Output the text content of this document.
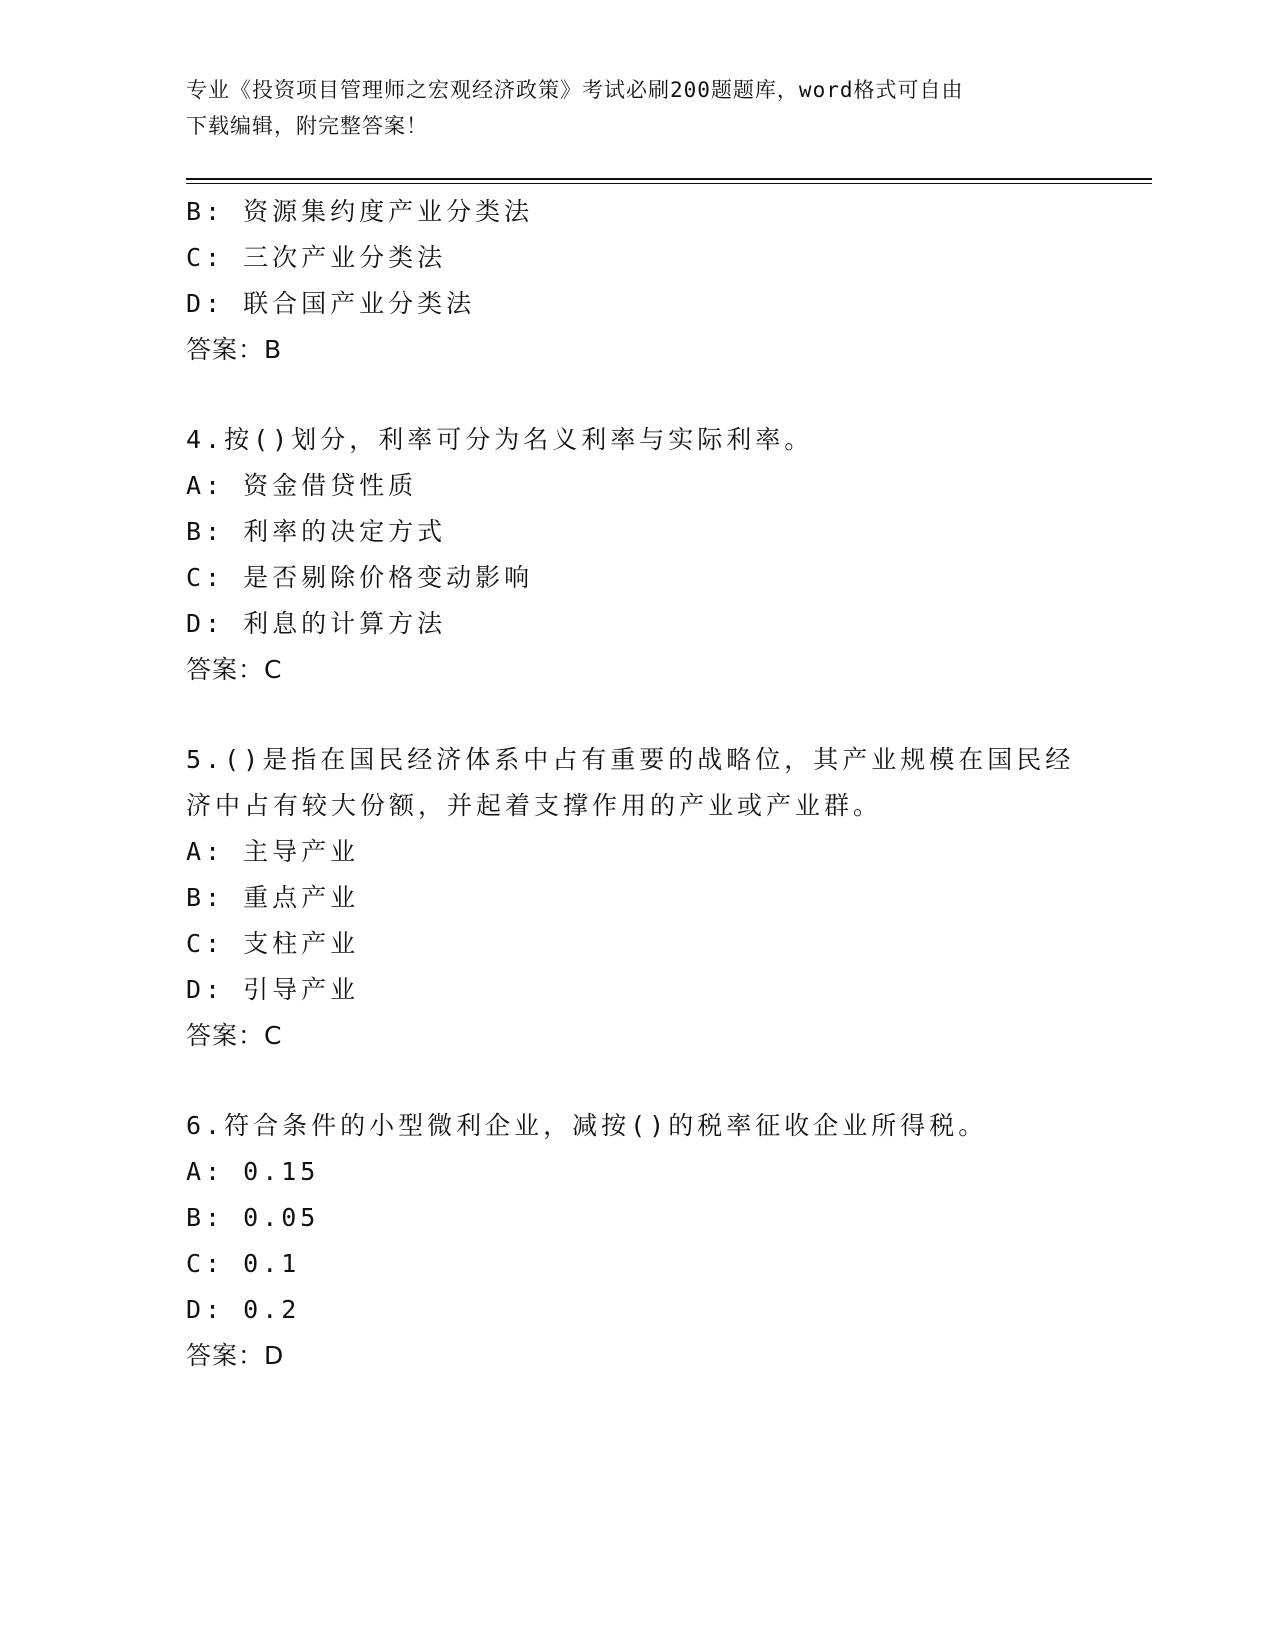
专业《投资项目管理师之宏观经济政策》考试必刷200题题库，word格式可自由
下载编辑，附完整答案！
B: 资源集约度产业分类法
C: 三次产业分类法
D: 联合国产业分类法
答案：B
4.按()划分，利率可分为名义利率与实际利率。
A: 资金借贷性质
B: 利率的决定方式
C: 是否剔除价格变动影响
D: 利息的计算方法
答案：C
5.()是指在国民经济体系中占有重要的战略位，其产业规模在国民经
济中占有较大份额，并起着支撑作用的产业或产业群。
A: 主导产业
B: 重点产业
C: 支柱产业
D: 引导产业
答案：C
6.符合条件的小型微利企业，减按()的税率征收企业所得税。
A: 0.15
B: 0.05
C: 0.1
D: 0.2
答案：D
